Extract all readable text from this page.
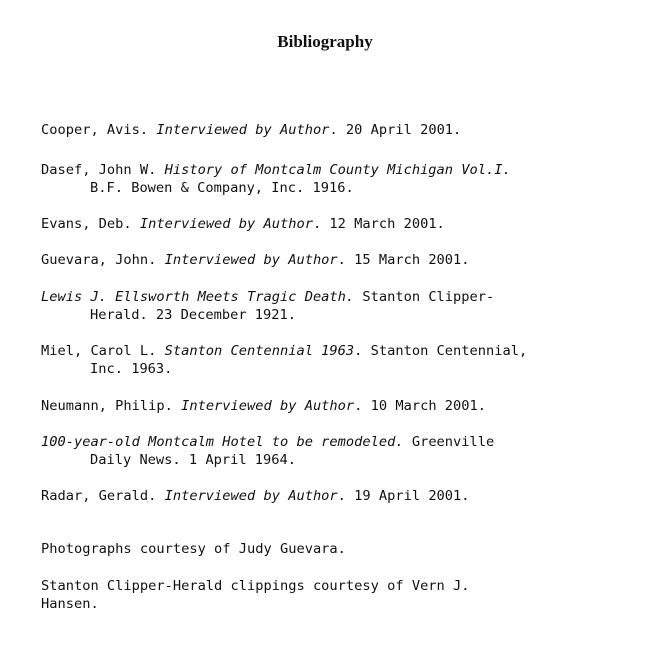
Bibliography

Cooper, Avis. Interviewed by Author. 20 April 2001.

Dasef, John W. History of Montcalm County Michigan Vol.I.
B.F. Bowen & Company, Inc. 1916.

Evans, Deb. Interviewed by Author. 12 March 2001.

Guevara, John. Interviewed by Author. 15 March 2001.

Lewis J. Ellsworth Meets Tragic Death. Stanton Clipper-
Herald. 23 December 1921.

Miel, Carol L. Stanton Centennial 1963. Stanton Centennial,
Inc. 1963.

Neumann, Philip. Interviewed by Author. 10 March 2001.

100-year-old Montcalm Hotel to be remodeled. Greenville
Daily News. 1 April 1964.

Radar, Gerald. Interviewed by Author. 19 April 2001.

Photographs courtesy of Judy Guevara.

Stanton Clipper-Herald clippings courtesy of Vern J.
Hansen.
